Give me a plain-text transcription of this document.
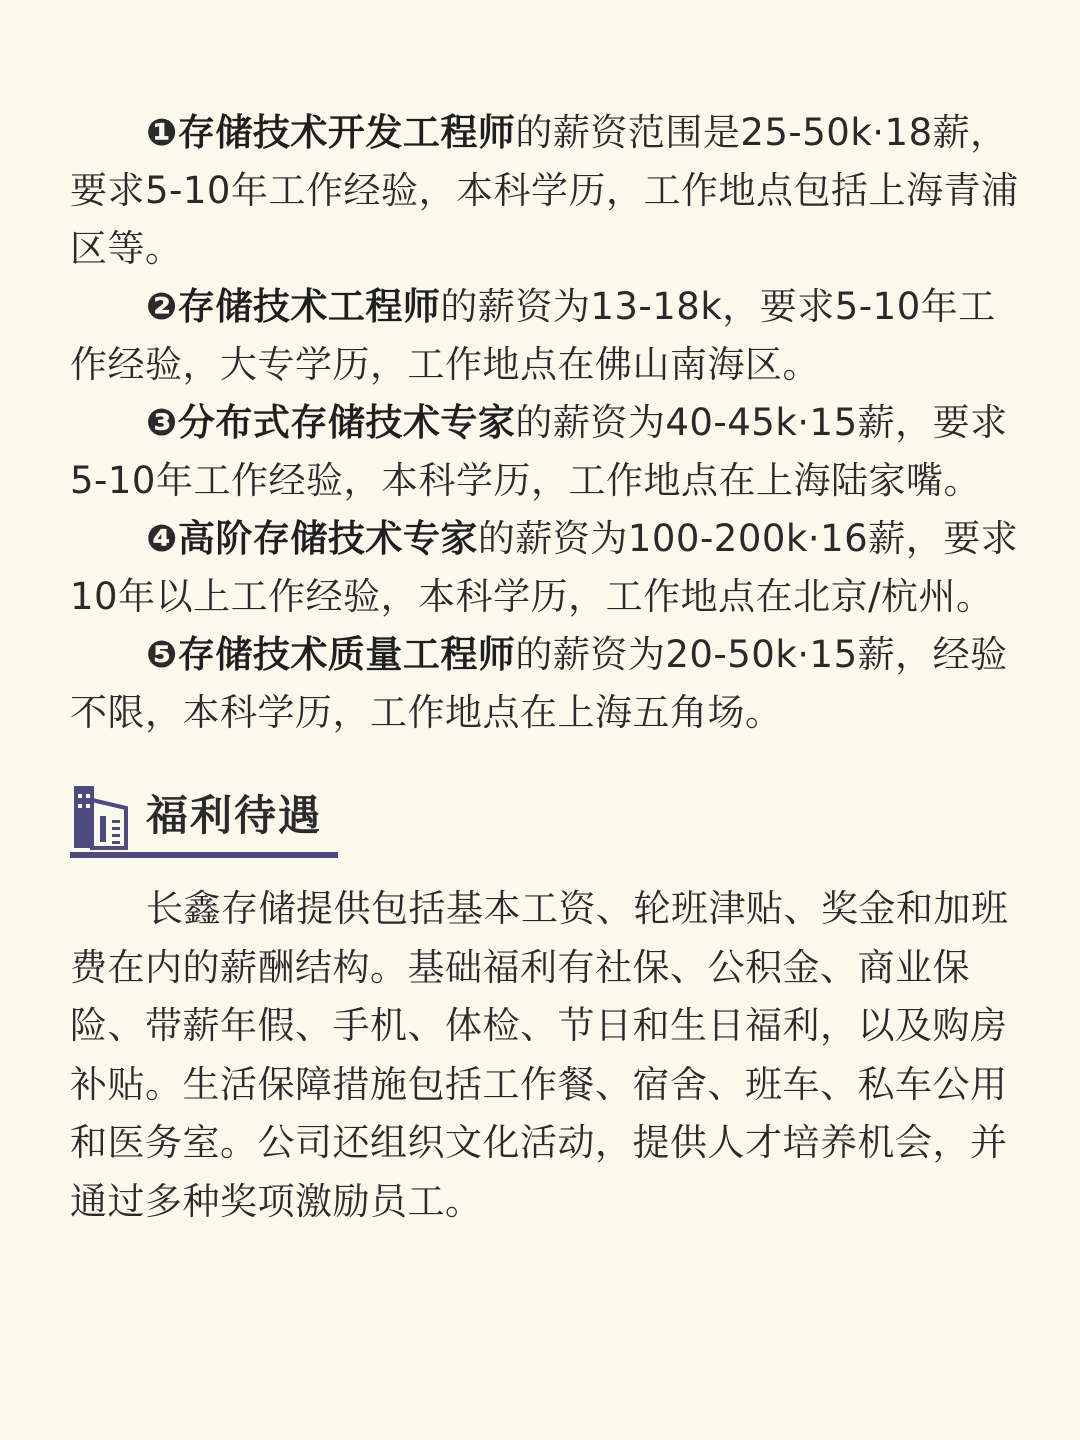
❶存储技术开发工程师的薪资范围是25-50k·18薪，要求5-10年工作经验，本科学历，工作地点包括上海青浦区等。
❷存储技术工程师的薪资为13-18k，要求5-10年工作经验，大专学历，工作地点在佛山南海区。
❸分布式存储技术专家的薪资为40-45k·15薪，要求5-10年工作经验，本科学历，工作地点在上海陆家嘴。
❹高阶存储技术专家的薪资为100-200k·16薪，要求10年以上工作经验，本科学历，工作地点在北京/杭州。
❺存储技术质量工程师的薪资为20-50k·15薪，经验不限，本科学历，工作地点在上海五角场。
福利待遇

长鑫存储提供包括基本工资、轮班津贴、奖金和加班费在内的薪酬结构。基础福利有社保、公积金、商业保险、带薪年假、手机、体检、节日和生日福利，以及购房补贴。生活保障措施包括工作餐、宿舍、班车、私车公用和医务室。公司还组织文化活动，提供人才培养机会，并通过多种奖项激励员工。
